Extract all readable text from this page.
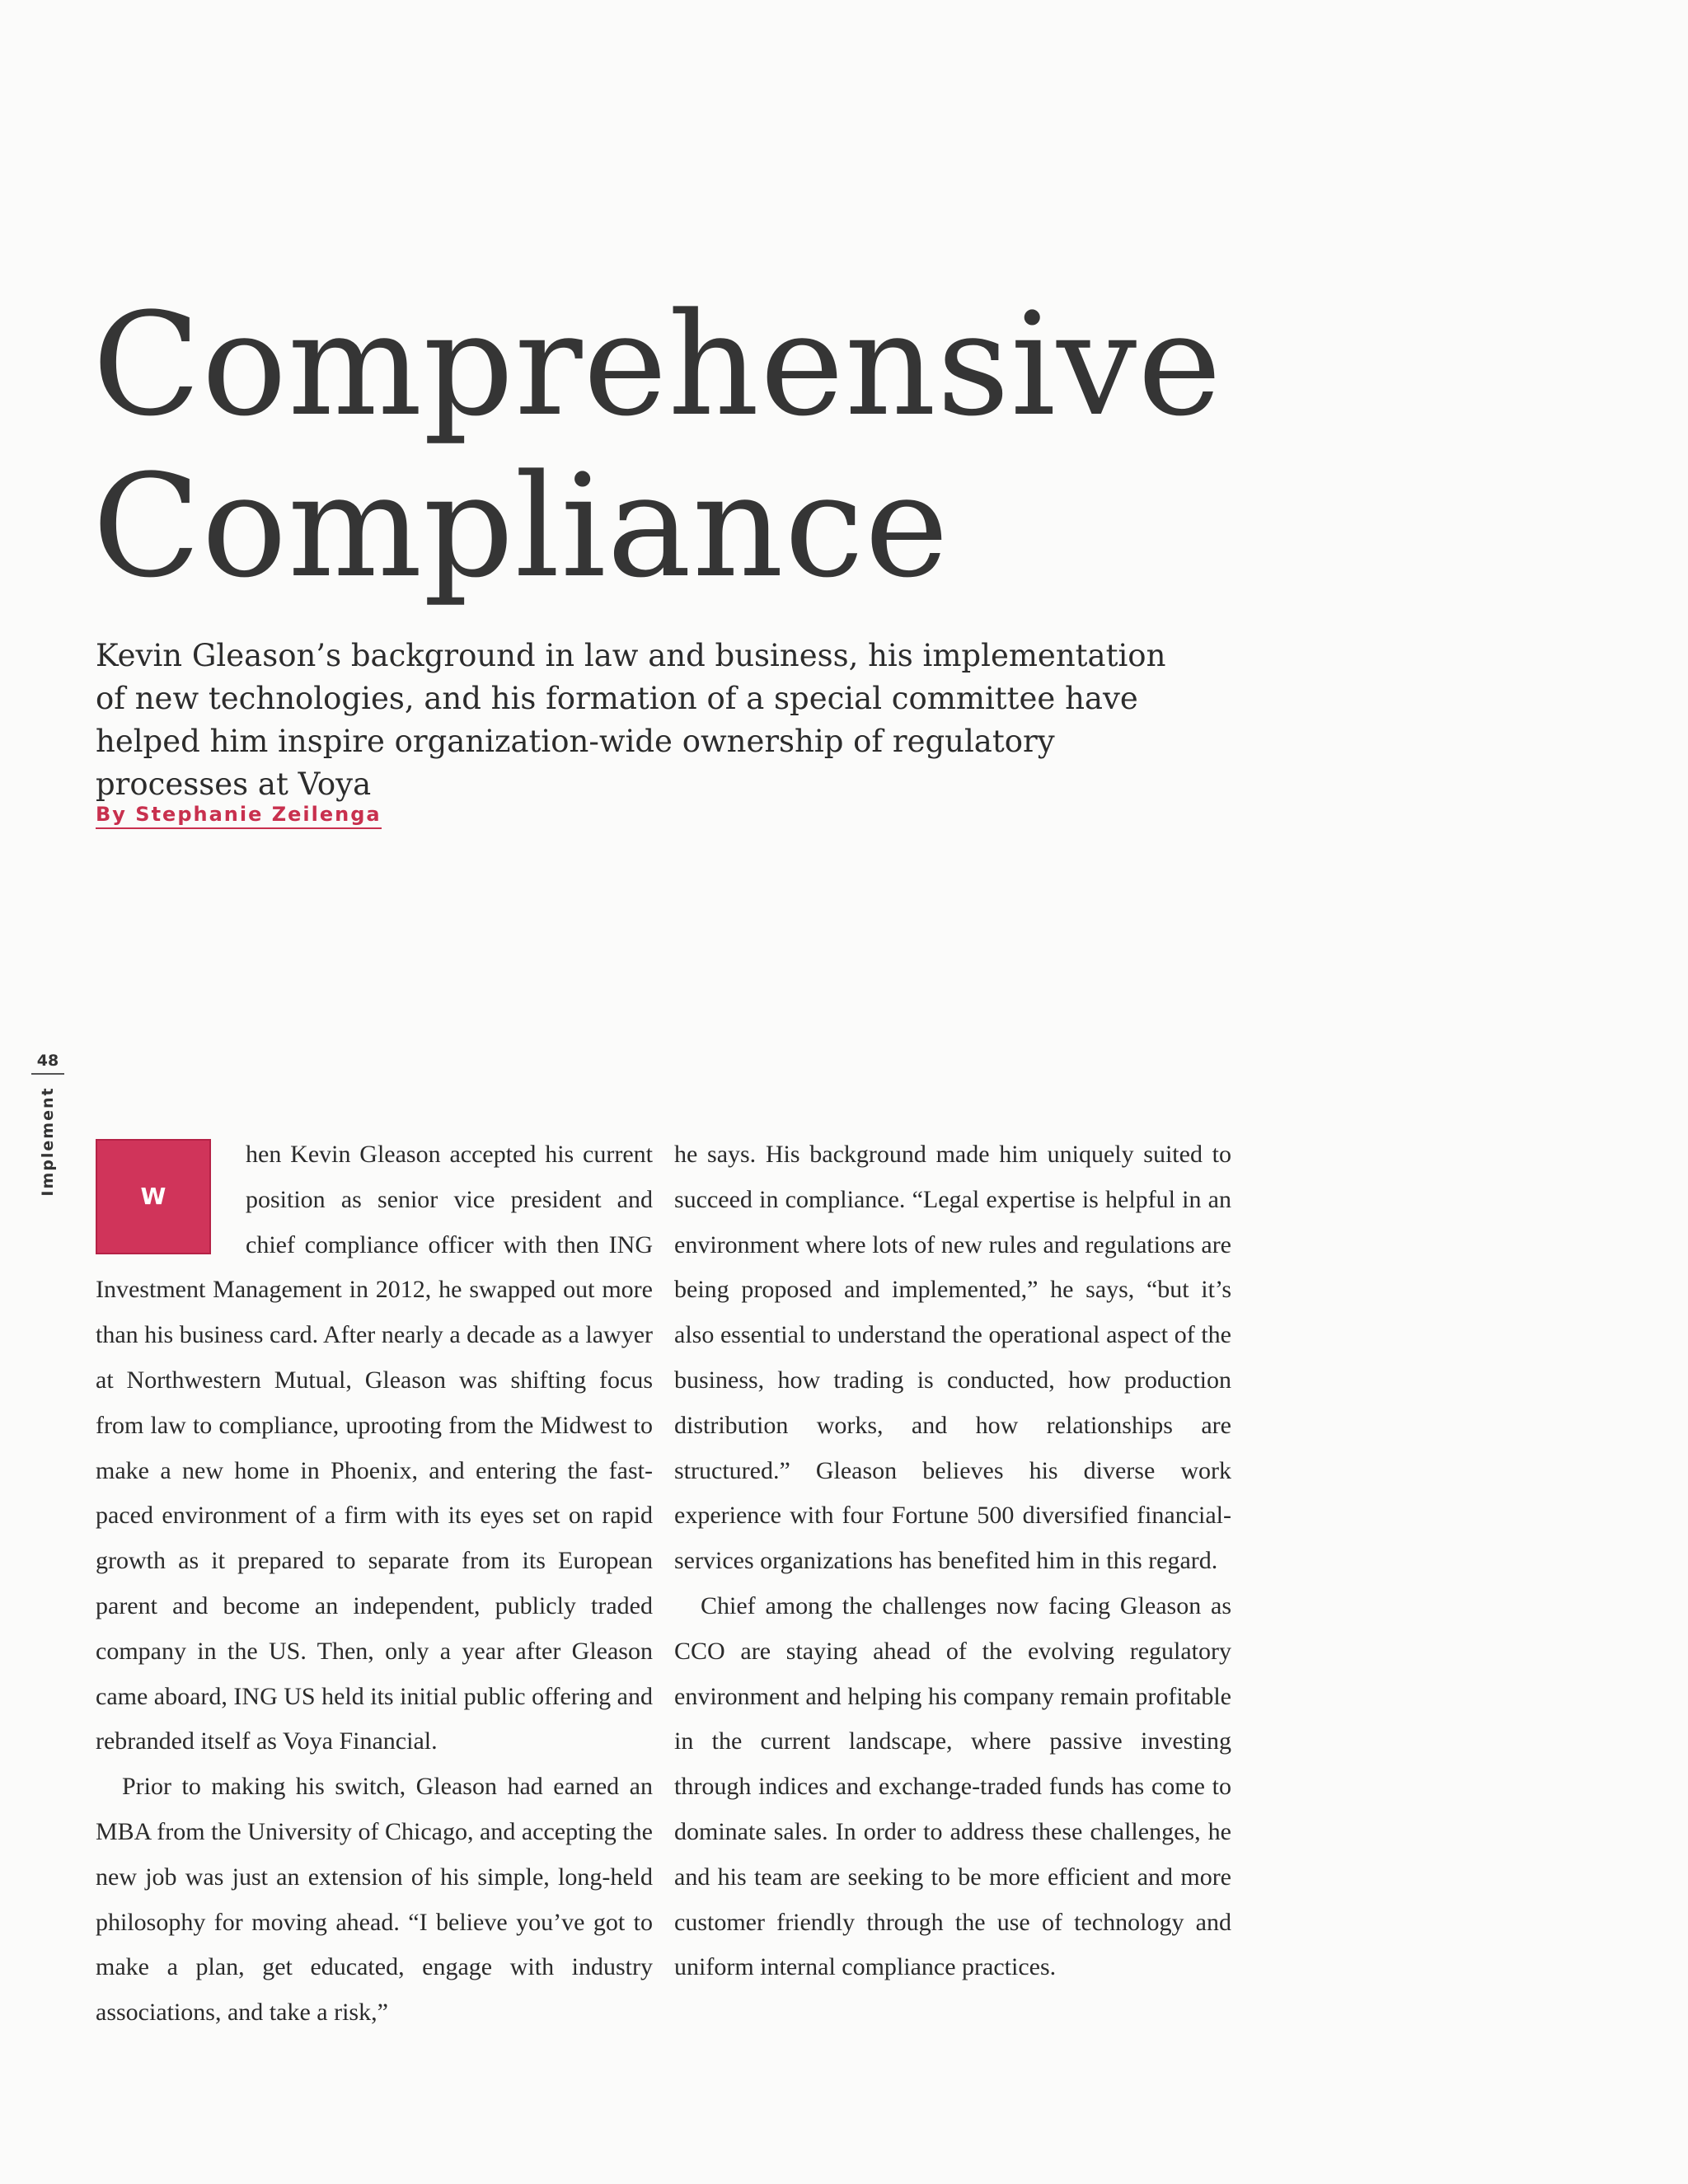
Comprehensive
Compliance

Kevin Gleason’s background in law and business, his implementation of new technologies, and his formation of a special committee have helped him inspire organization-wide ownership of regulatory processes at Voya

By Stephanie Zeilenga
48
Implement	W

hen Kevin Gleason accepted his current position as senior vice president and chief compliance officer with then ING Investment Management in 2012, he swapped out more than his business card. After nearly a decade as a lawyer at Northwestern Mutual, Gleason was shifting focus from law to compliance, uprooting from the Midwest to make a new home in Phoenix, and entering the fast-paced environment of a firm with its eyes set on rapid growth as it prepared to separate from its European parent and become an independent, publicly traded company in the US. Then, only a year after Gleason came aboard, ING US held its initial public offering and rebranded itself as Voya Financial.

Prior to making his switch, Gleason had earned an MBA from the University of Chicago, and accepting the new job was just an extension of his simple, long-held philosophy for moving ahead. “I believe you’ve got to make a plan, get educated, engage with industry associations, and take a risk,”

he says. His background made him uniquely suited to succeed in compliance. “Legal expertise is helpful in an environment where lots of new rules and regulations are being proposed and implemented,” he says, “but it’s also essential to understand the operational aspect of the business, how trading is conducted, how production distribution works, and how relationships are structured.” Gleason believes his diverse work experience with four Fortune 500 diversified financial-services organizations has benefited him in this regard.

Chief among the challenges now facing Gleason as CCO are staying ahead of the evolving regulatory environment and helping his company remain profitable in the current landscape, where passive investing through indices and exchange-traded funds has come to dominate sales. In order to address these challenges, he and his team are seeking to be more efficient and more customer friendly through the use of technology and uniform internal compliance practices.
